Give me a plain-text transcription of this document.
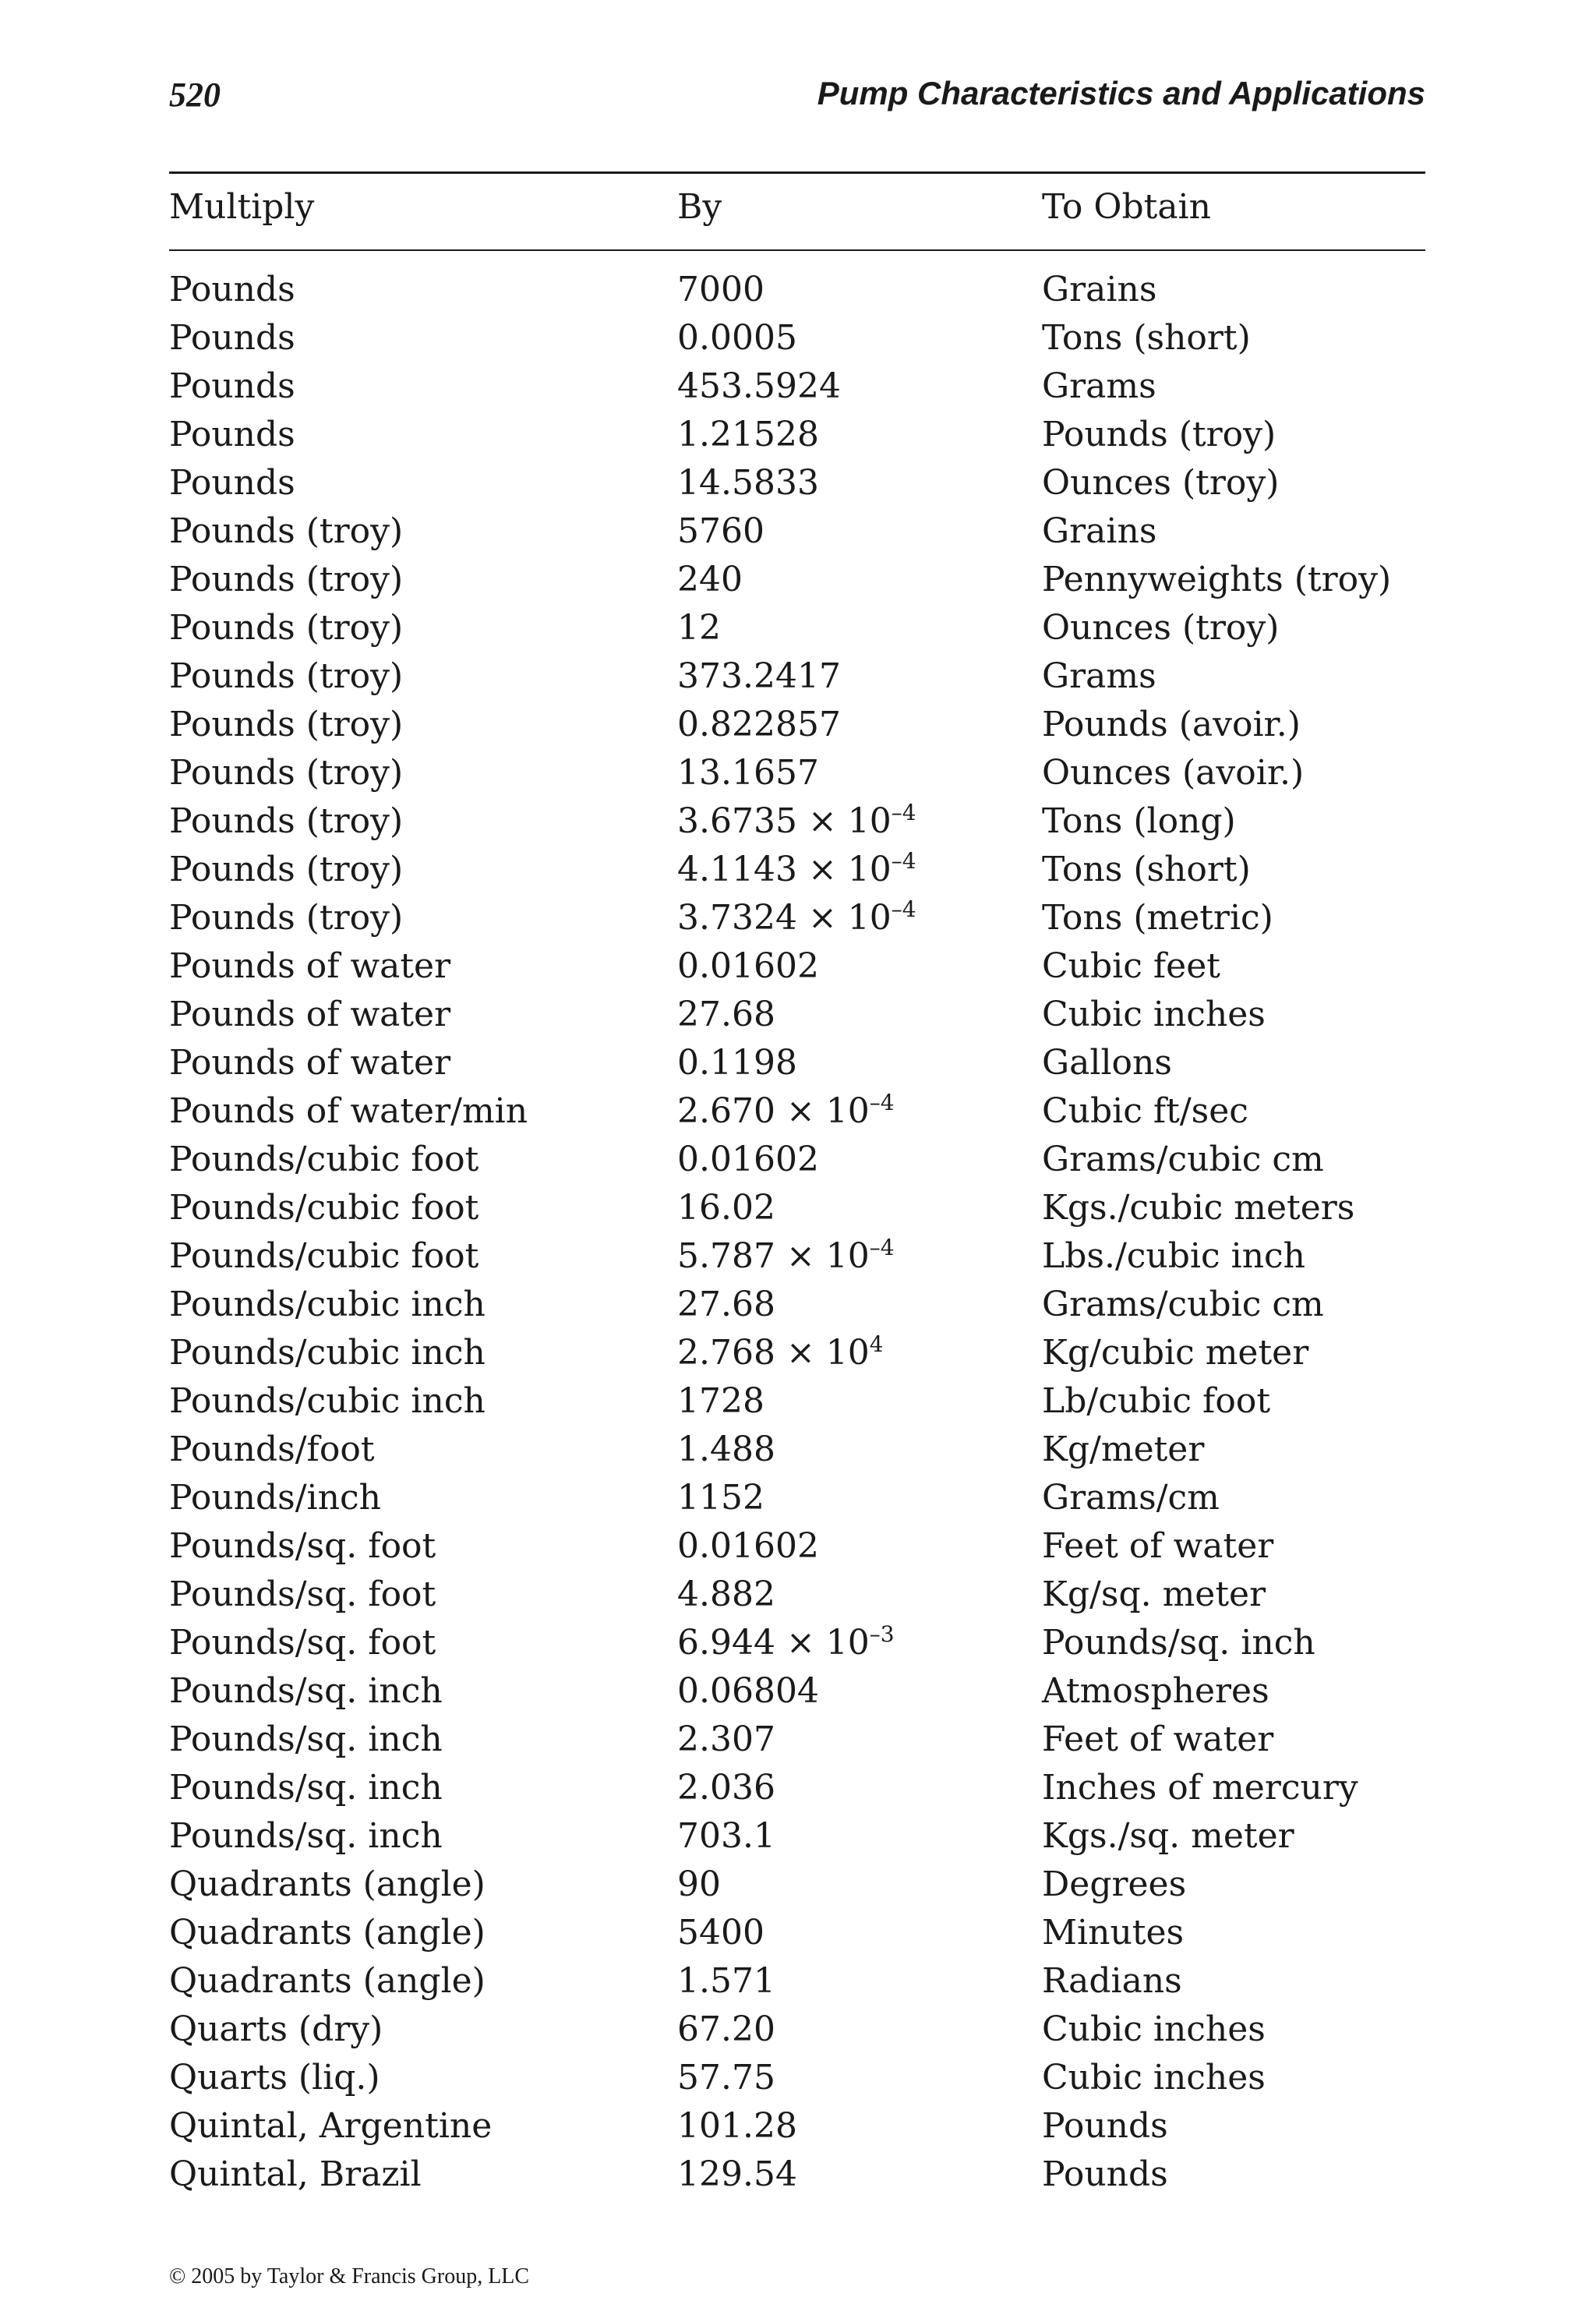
520	Pump Characteristics and Applications
Multiply	By	To Obtain
Pounds	7000	Grains
Pounds	0.0005	Tons (short)
Pounds	453.5924	Grams
Pounds	1.21528	Pounds (troy)
Pounds	14.5833	Ounces (troy)
Pounds (troy)	5760	Grains
Pounds (troy)	240	Pennyweights (troy)
Pounds (troy)	12	Ounces (troy)
Pounds (troy)	373.2417	Grams
Pounds (troy)	0.822857	Pounds (avoir.)
Pounds (troy)	13.1657	Ounces (avoir.)
Pounds (troy)	$3.6735 \times 10^{-4}$	Tons (long)
Pounds (troy)	$4.1143 \times 10^{-4}$	Tons (short)
Pounds (troy)	$3.7324 \times 10^{-4}$	Tons (metric)
Pounds of water	0.01602	Cubic feet
Pounds of water	27.68	Cubic inches
Pounds of water	0.1198	Gallons
Pounds of water/min	$2.670 \times 10^{-4}$	Cubic ft/sec
Pounds/cubic foot	0.01602	Grams/cubic cm
Pounds/cubic foot	16.02	Kgs./cubic meters
Pounds/cubic foot	$5.787 \times 10^{-4}$	Lbs./cubic inch
Pounds/cubic inch	27.68	Grams/cubic cm
Pounds/cubic inch	$2.768 \times 10^4$	Kg/cubic meter
Pounds/cubic inch	1728	Lb/cubic foot
Pounds/foot	1.488	Kg/meter
Pounds/inch	1152	Grams/cm
Pounds/sq. foot	0.01602	Feet of water
Pounds/sq. foot	4.882	Kg/sq. meter
Pounds/sq. foot	$6.944 \times 10^{-3}$	Pounds/sq. inch
Pounds/sq. inch	0.06804	Atmospheres
Pounds/sq. inch	2.307	Feet of water
Pounds/sq. inch	2.036	Inches of mercury
Pounds/sq. inch	703.1	Kgs./sq. meter
Quadrants (angle)	90	Degrees
Quadrants (angle)	5400	Minutes
Quadrants (angle)	1.571	Radians
Quarts (dry)	67.20	Cubic inches
Quarts (liq.)	57.75	Cubic inches
Quintal, Argentine	101.28	Pounds
Quintal, Brazil	129.54	Pounds
© 2005 by Taylor & Francis Group, LLC
